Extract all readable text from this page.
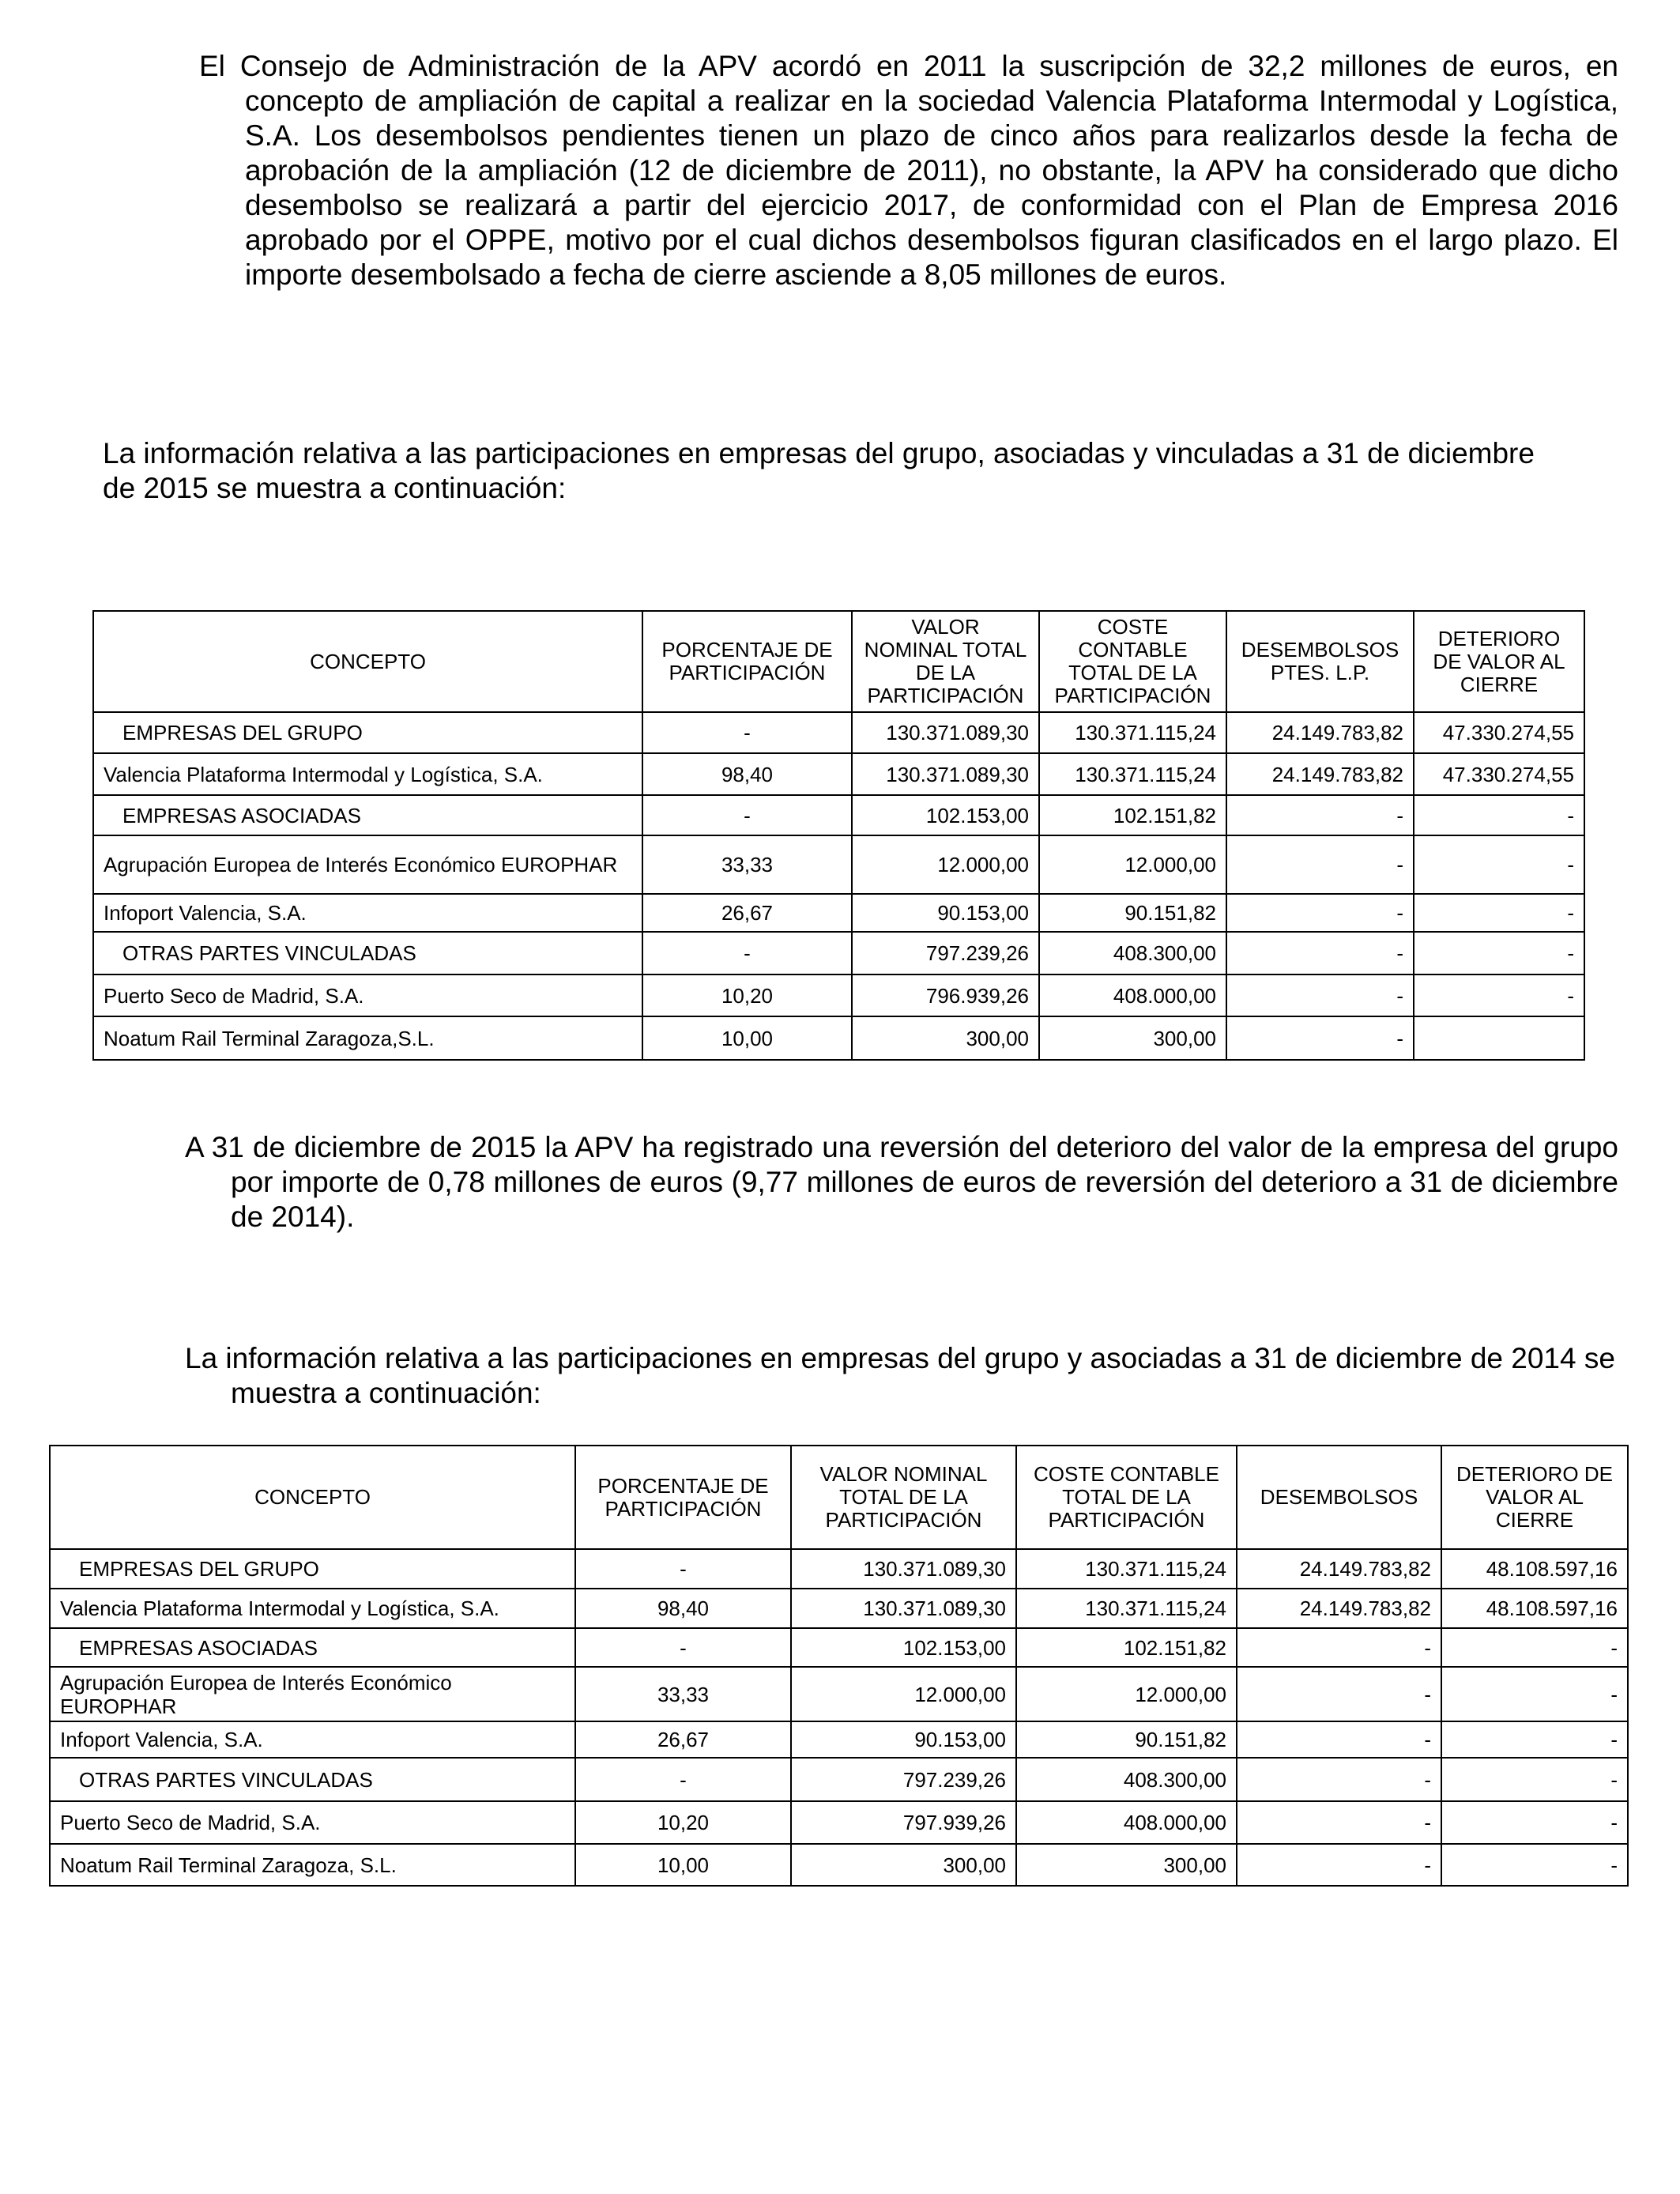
El Consejo de Administración de la APV acordó en 2011 la suscripción de 32,2 millones de euros, en concepto de ampliación de capital a realizar en la sociedad Valencia Plataforma Intermodal y Logística, S.A. Los desembolsos pendientes tienen un plazo de cinco años para realizarlos desde la fecha de aprobación de la ampliación (12 de diciembre de 2011), no obstante, la APV ha considerado que dicho desembolso se realizará a partir del ejercicio 2017, de conformidad con el Plan de Empresa 2016 aprobado por el OPPE, motivo por el cual dichos desembolsos figuran clasificados en el largo plazo. El importe desembolsado a fecha de cierre asciende a 8,05 millones de euros.
La información relativa a las participaciones en empresas del grupo, asociadas y vinculadas a 31 de diciembre de 2015 se muestra a continuación:
CONCEPTO	PORCENTAJE DE PARTICIPACIÓN	VALOR NOMINAL TOTAL DE LA PARTICIPACIÓN	COSTE CONTABLE TOTAL DE LA PARTICIPACIÓN	DESEMBOLSOS PTES. L.P.	DETERIORO DE VALOR AL CIERRE
EMPRESAS DEL GRUPO	-	130.371.089,30	130.371.115,24	24.149.783,82	47.330.274,55
Valencia Plataforma Intermodal y Logística, S.A.	98,40	130.371.089,30	130.371.115,24	24.149.783,82	47.330.274,55
EMPRESAS ASOCIADAS	-	102.153,00	102.151,82	-	-
Agrupación Europea de Interés Económico EUROPHAR	33,33	12.000,00	12.000,00	-	-
Infoport Valencia, S.A.	26,67	90.153,00	90.151,82	-	-
OTRAS PARTES VINCULADAS	-	797.239,26	408.300,00	-	-
Puerto Seco de Madrid, S.A.	10,20	796.939,26	408.000,00	-	-
Noatum Rail Terminal Zaragoza,S.L.	10,00	300,00	300,00	-	
A 31 de diciembre de 2015 la APV ha registrado una reversión del deterioro del valor de la empresa del grupo por importe de 0,78 millones de euros (9,77 millones de euros de reversión del deterioro a 31 de diciembre de 2014).
La información relativa a las participaciones en empresas del grupo y asociadas a 31 de diciembre de 2014 se muestra a continuación:
CONCEPTO	PORCENTAJE DE PARTICIPACIÓN	VALOR NOMINAL TOTAL DE LA PARTICIPACIÓN	COSTE CONTABLE TOTAL DE LA PARTICIPACIÓN	DESEMBOLSOS	DETERIORO DE VALOR AL CIERRE
EMPRESAS DEL GRUPO	-	130.371.089,30	130.371.115,24	24.149.783,82	48.108.597,16
Valencia Plataforma Intermodal y Logística, S.A.	98,40	130.371.089,30	130.371.115,24	24.149.783,82	48.108.597,16
EMPRESAS ASOCIADAS	-	102.153,00	102.151,82	-	-
Agrupación Europea de Interés Económico EUROPHAR	33,33	12.000,00	12.000,00	-	-
Infoport Valencia, S.A.	26,67	90.153,00	90.151,82	-	-
OTRAS PARTES VINCULADAS	-	797.239,26	408.300,00	-	-
Puerto Seco de Madrid, S.A.	10,20	797.939,26	408.000,00	-	-
Noatum Rail Terminal Zaragoza, S.L.	10,00	300,00	300,00	-	-
